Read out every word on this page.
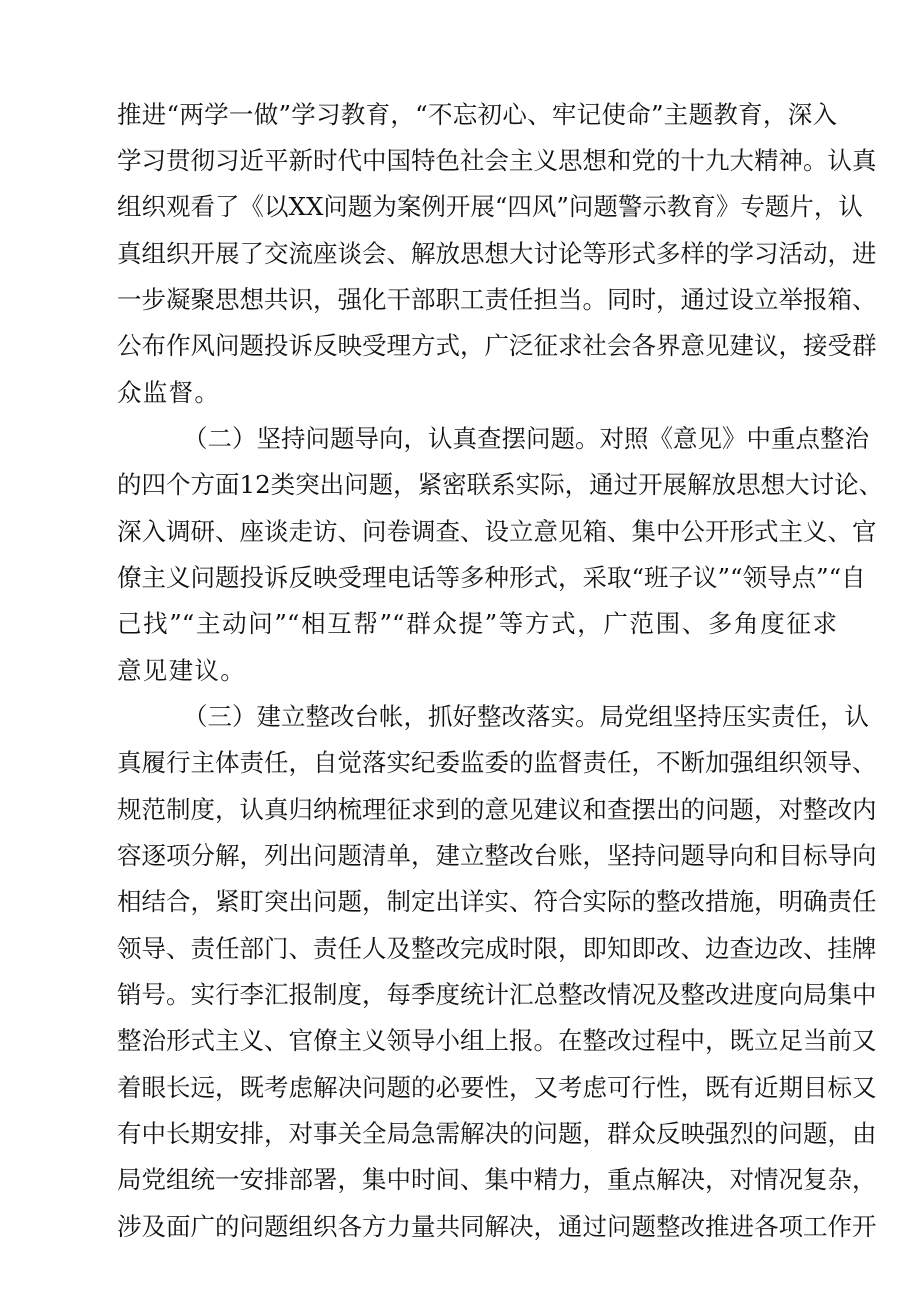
推进“两学一做”学习教育，“不忘初心、牢记使命”主题教育，深入
学习贯彻习近平新时代中国特色社会主义思想和党的十九大精神。认真
组织观看了《以XX问题为案例开展“四风”问题警示教育》专题片，认
真组织开展了交流座谈会、解放思想大讨论等形式多样的学习活动，进
一步凝聚思想共识，强化干部职工责任担当。同时，通过设立举报箱、
公布作风问题投诉反映受理方式，广泛征求社会各界意见建议，接受群
众监督。
（二）坚持问题导向，认真查摆问题。对照《意见》中重点整治
的四个方面12类突出问题，紧密联系实际，通过开展解放思想大讨论、
深入调研、座谈走访、问卷调查、设立意见箱、集中公开形式主义、官
僚主义问题投诉反映受理电话等多种形式，采取“班子议”“领导点”“自
己找”“主动问”“相互帮”“群众提”等方式，广范围、多角度征求
意见建议。
（三）建立整改台帐，抓好整改落实。局党组坚持压实责任，认
真履行主体责任，自觉落实纪委监委的监督责任，不断加强组织领导、
规范制度，认真归纳梳理征求到的意见建议和查摆出的问题，对整改内
容逐项分解，列出问题清单，建立整改台账，坚持问题导向和目标导向
相结合，紧盯突出问题，制定出详实、符合实际的整改措施，明确责任
领导、责任部门、责任人及整改完成时限，即知即改、边查边改、挂牌
销号。实行李汇报制度，每季度统计汇总整改情况及整改进度向局集中
整治形式主义、官僚主义领导小组上报。在整改过程中，既立足当前又
着眼长远，既考虑解决问题的必要性，又考虑可行性，既有近期目标又
有中长期安排，对事关全局急需解决的问题，群众反映强烈的问题，由
局党组统一安排部署，集中时间、集中精力，重点解决，对情况复杂，
涉及面广的问题组织各方力量共同解决，通过问题整改推进各项工作开
